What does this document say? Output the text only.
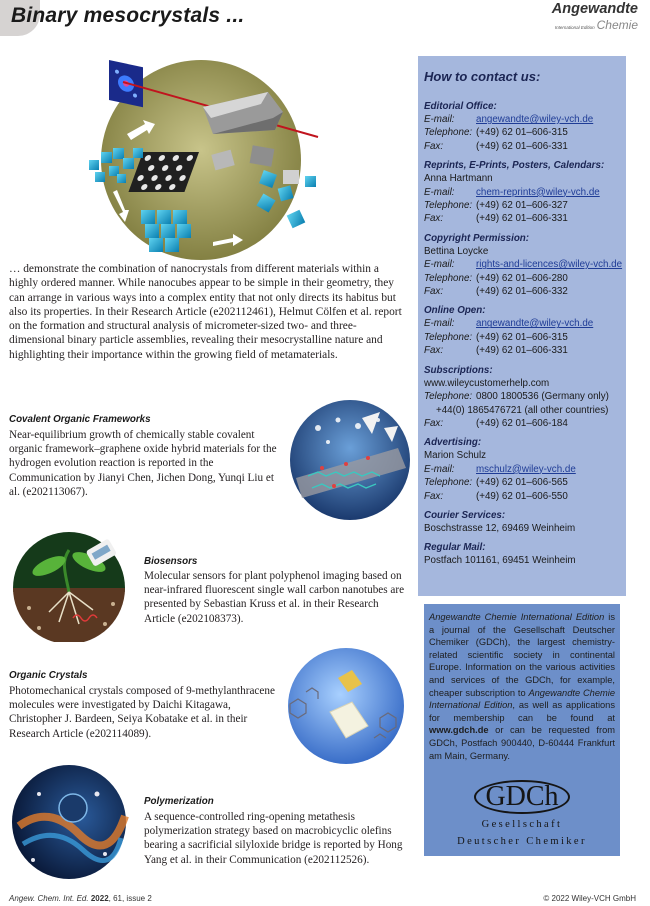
Binary mesocrystals ...	Angewandte
International Edition Chemie
… demonstrate the combination of nanocrystals from different materials within a highly ordered manner. While nanocubes appear to be simple in their geometry, they can arrange in various ways into a complex entity that not only directs its habitus but also its properties. In their Research Article (e202112461), Helmut Cölfen et al. report on the formation and structural analysis of micrometer-sized two- and three-dimensional binary particle assemblies, revealing their mesocrystalline nature and highlighting their importance within the growing field of metamaterials.
Covalent Organic Frameworks
Near-equilibrium growth of chemically stable covalent organic framework–graphene oxide hybrid materials for the hydrogen evolution reaction is reported in the Communication by Jianyi Chen, Jichen Dong, Yunqi Liu et al. (e202113067).
Biosensors
Molecular sensors for plant polyphenol imaging based on near-infrared fluorescent single wall carbon nanotubes are presented by Sebastian Kruss et al. in their Research Article (e202108373).
Organic Crystals
Photomechanical crystals composed of 9-methylanthracene molecules were investigated by Daichi Kitagawa, Christopher J. Bardeen, Seiya Kobatake et al. in their Research Article (e202114089).
Polymerization
A sequence-controlled ring-opening metathesis polymerization strategy based on macrobicyclic olefins bearing a sacrificial silyloxide bridge is reported by Hong Yang et al. in their Communication (e202112526).
How to contact us:
Editorial Office:
E-mail: angewandte@wiley-vch.de
Telephone: (+49) 62 01–606-315
Fax:	(+49) 62 01–606-331
Reprints, E-Prints, Posters, Calendars:
Anna Hartmann
E-mail: chem-reprints@wiley-vch.de
Telephone: (+49) 62 01–606-327
Fax:	(+49) 62 01–606-331
Copyright Permission:
Bettina Loycke
E-mail: rights-and-licences@wiley-vch.de
Telephone: (+49) 62 01–606-280
Fax:	(+49) 62 01–606-332
Online Open:
E-mail: angewandte@wiley-vch.de
Telephone: (+49) 62 01–606-315
Fax:	(+49) 62 01–606-331
Subscriptions:
www.wileycustomerhelp.com
Telephone: 0800 1800536 (Germany only)
+44(0) 1865476721 (all other countries)
Fax:	(+49) 62 01–606-184
Advertising:
Marion Schulz
E-mail: mschulz@wiley-vch.de
Telephone: (+49) 62 01–606-565
Fax:	(+49) 62 01–606-550
Courier Services:
Boschstrasse 12, 69469 Weinheim
Regular Mail:
Postfach 101161, 69451 Weinheim
Angewandte Chemie International Edition is a journal of the Gesellschaft Deutscher Chemiker (GDCh), the largest chemistry-related scientific society in continental Europe. Information on the various activities and services of the GDCh, for example, cheaper subscription to Angewandte Chemie International Edition, as well as applications for membership can be found at www.gdch.de or can be requested from GDCh, Postfach 900440, D-60444 Frankfurt am Main, Germany.
GDCh
Gesellschaft
Deutscher Chemiker
Angew. Chem. Int. Ed. 2022, 61, issue 2	© 2022 Wiley-VCH GmbH
